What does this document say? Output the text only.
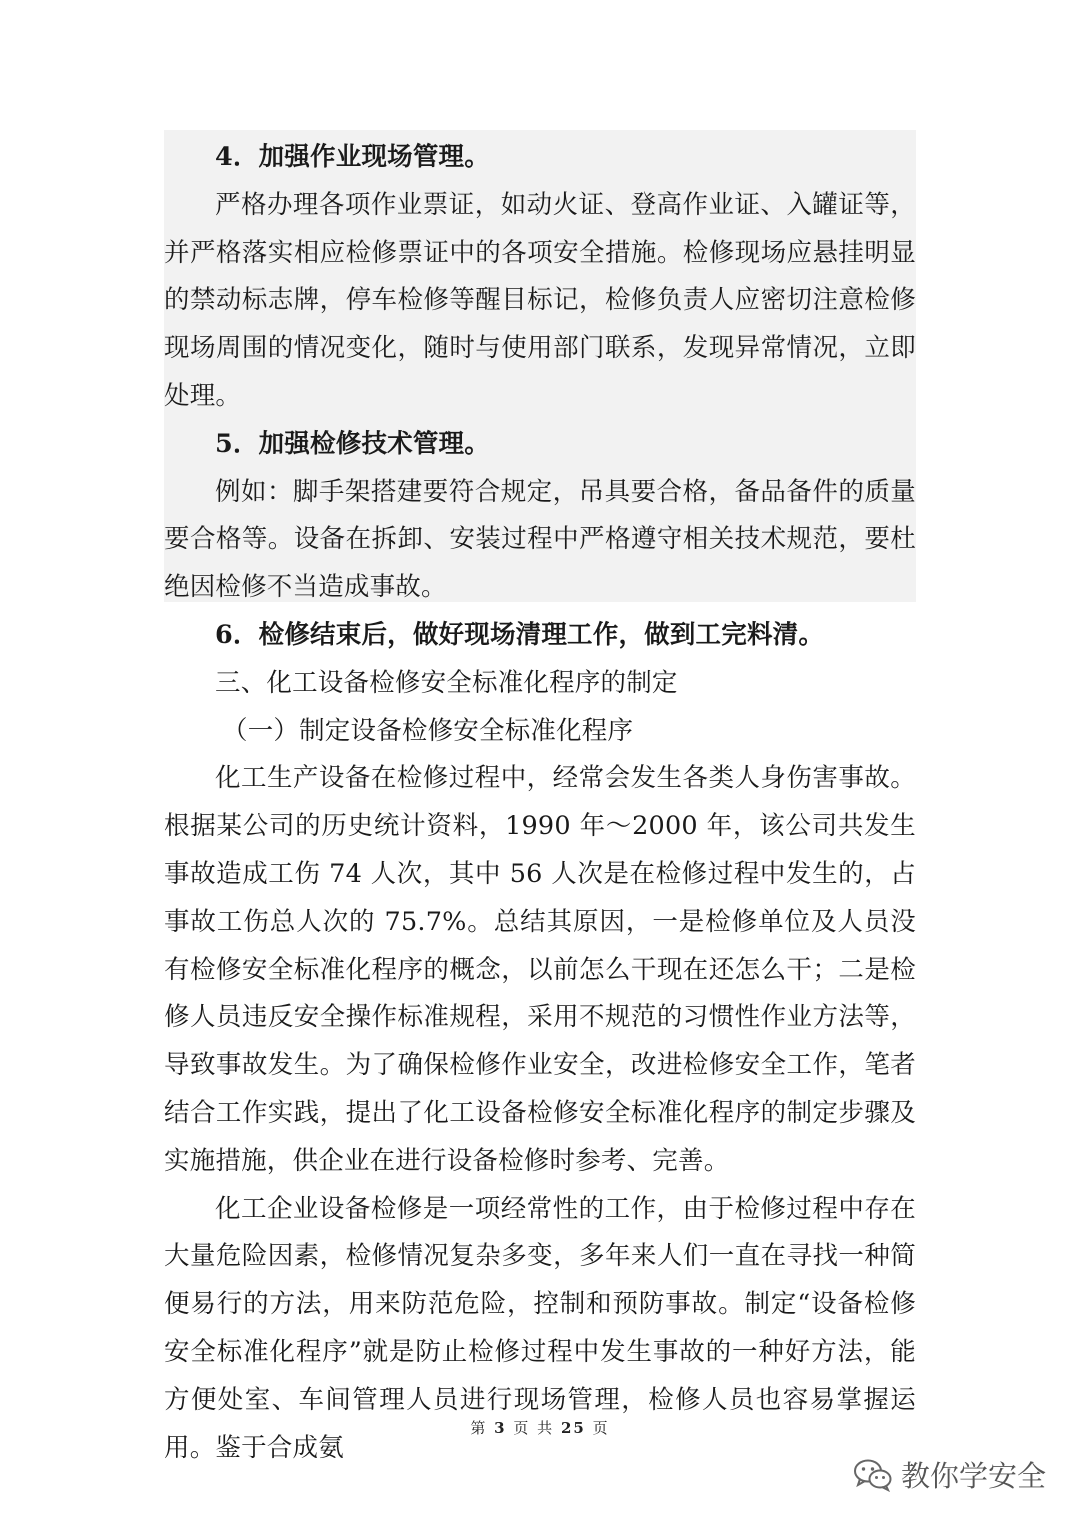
4．加强作业现场管理。

严格办理各项作业票证，如动火证、登高作业证、入罐证等，并严格落实相应检修票证中的各项安全措施。检修现场应悬挂明显的禁动标志牌，停车检修等醒目标记，检修负责人应密切注意检修现场周围的情况变化，随时与使用部门联系，发现异常情况，立即处理。

5．加强检修技术管理。

例如：脚手架搭建要符合规定，吊具要合格，备品备件的质量要合格等。设备在拆卸、安装过程中严格遵守相关技术规范，要杜绝因检修不当造成事故。

6．检修结束后，做好现场清理工作，做到工完料清。

三、化工设备检修安全标准化程序的制定

（一）制定设备检修安全标准化程序

化工生产设备在检修过程中，经常会发生各类人身伤害事故。根据某公司的历史统计资料，1990 年～2000 年，该公司共发生事故造成工伤 74 人次，其中 56 人次是在检修过程中发生的，占事故工伤总人次的 75.7%。总结其原因，一是检修单位及人员没有检修安全标准化程序的概念，以前怎么干现在还怎么干；二是检修人员违反安全操作标准规程，采用不规范的习惯性作业方法等，导致事故发生。为了确保检修作业安全，改进检修安全工作，笔者结合工作实践，提出了化工设备检修安全标准化程序的制定步骤及实施措施，供企业在进行设备检修时参考、完善。

化工企业设备检修是一项经常性的工作，由于检修过程中存在大量危险因素，检修情况复杂多变，多年来人们一直在寻找一种简便易行的方法，用来防范危险，控制和预防事故。制定“设备检修安全标准化程序”就是防止检修过程中发生事故的一种好方法，能方便处室、车间管理人员进行现场管理，检修人员也容易掌握运用。鉴于合成氨

第 3 页 共 25 页
教你学安全
